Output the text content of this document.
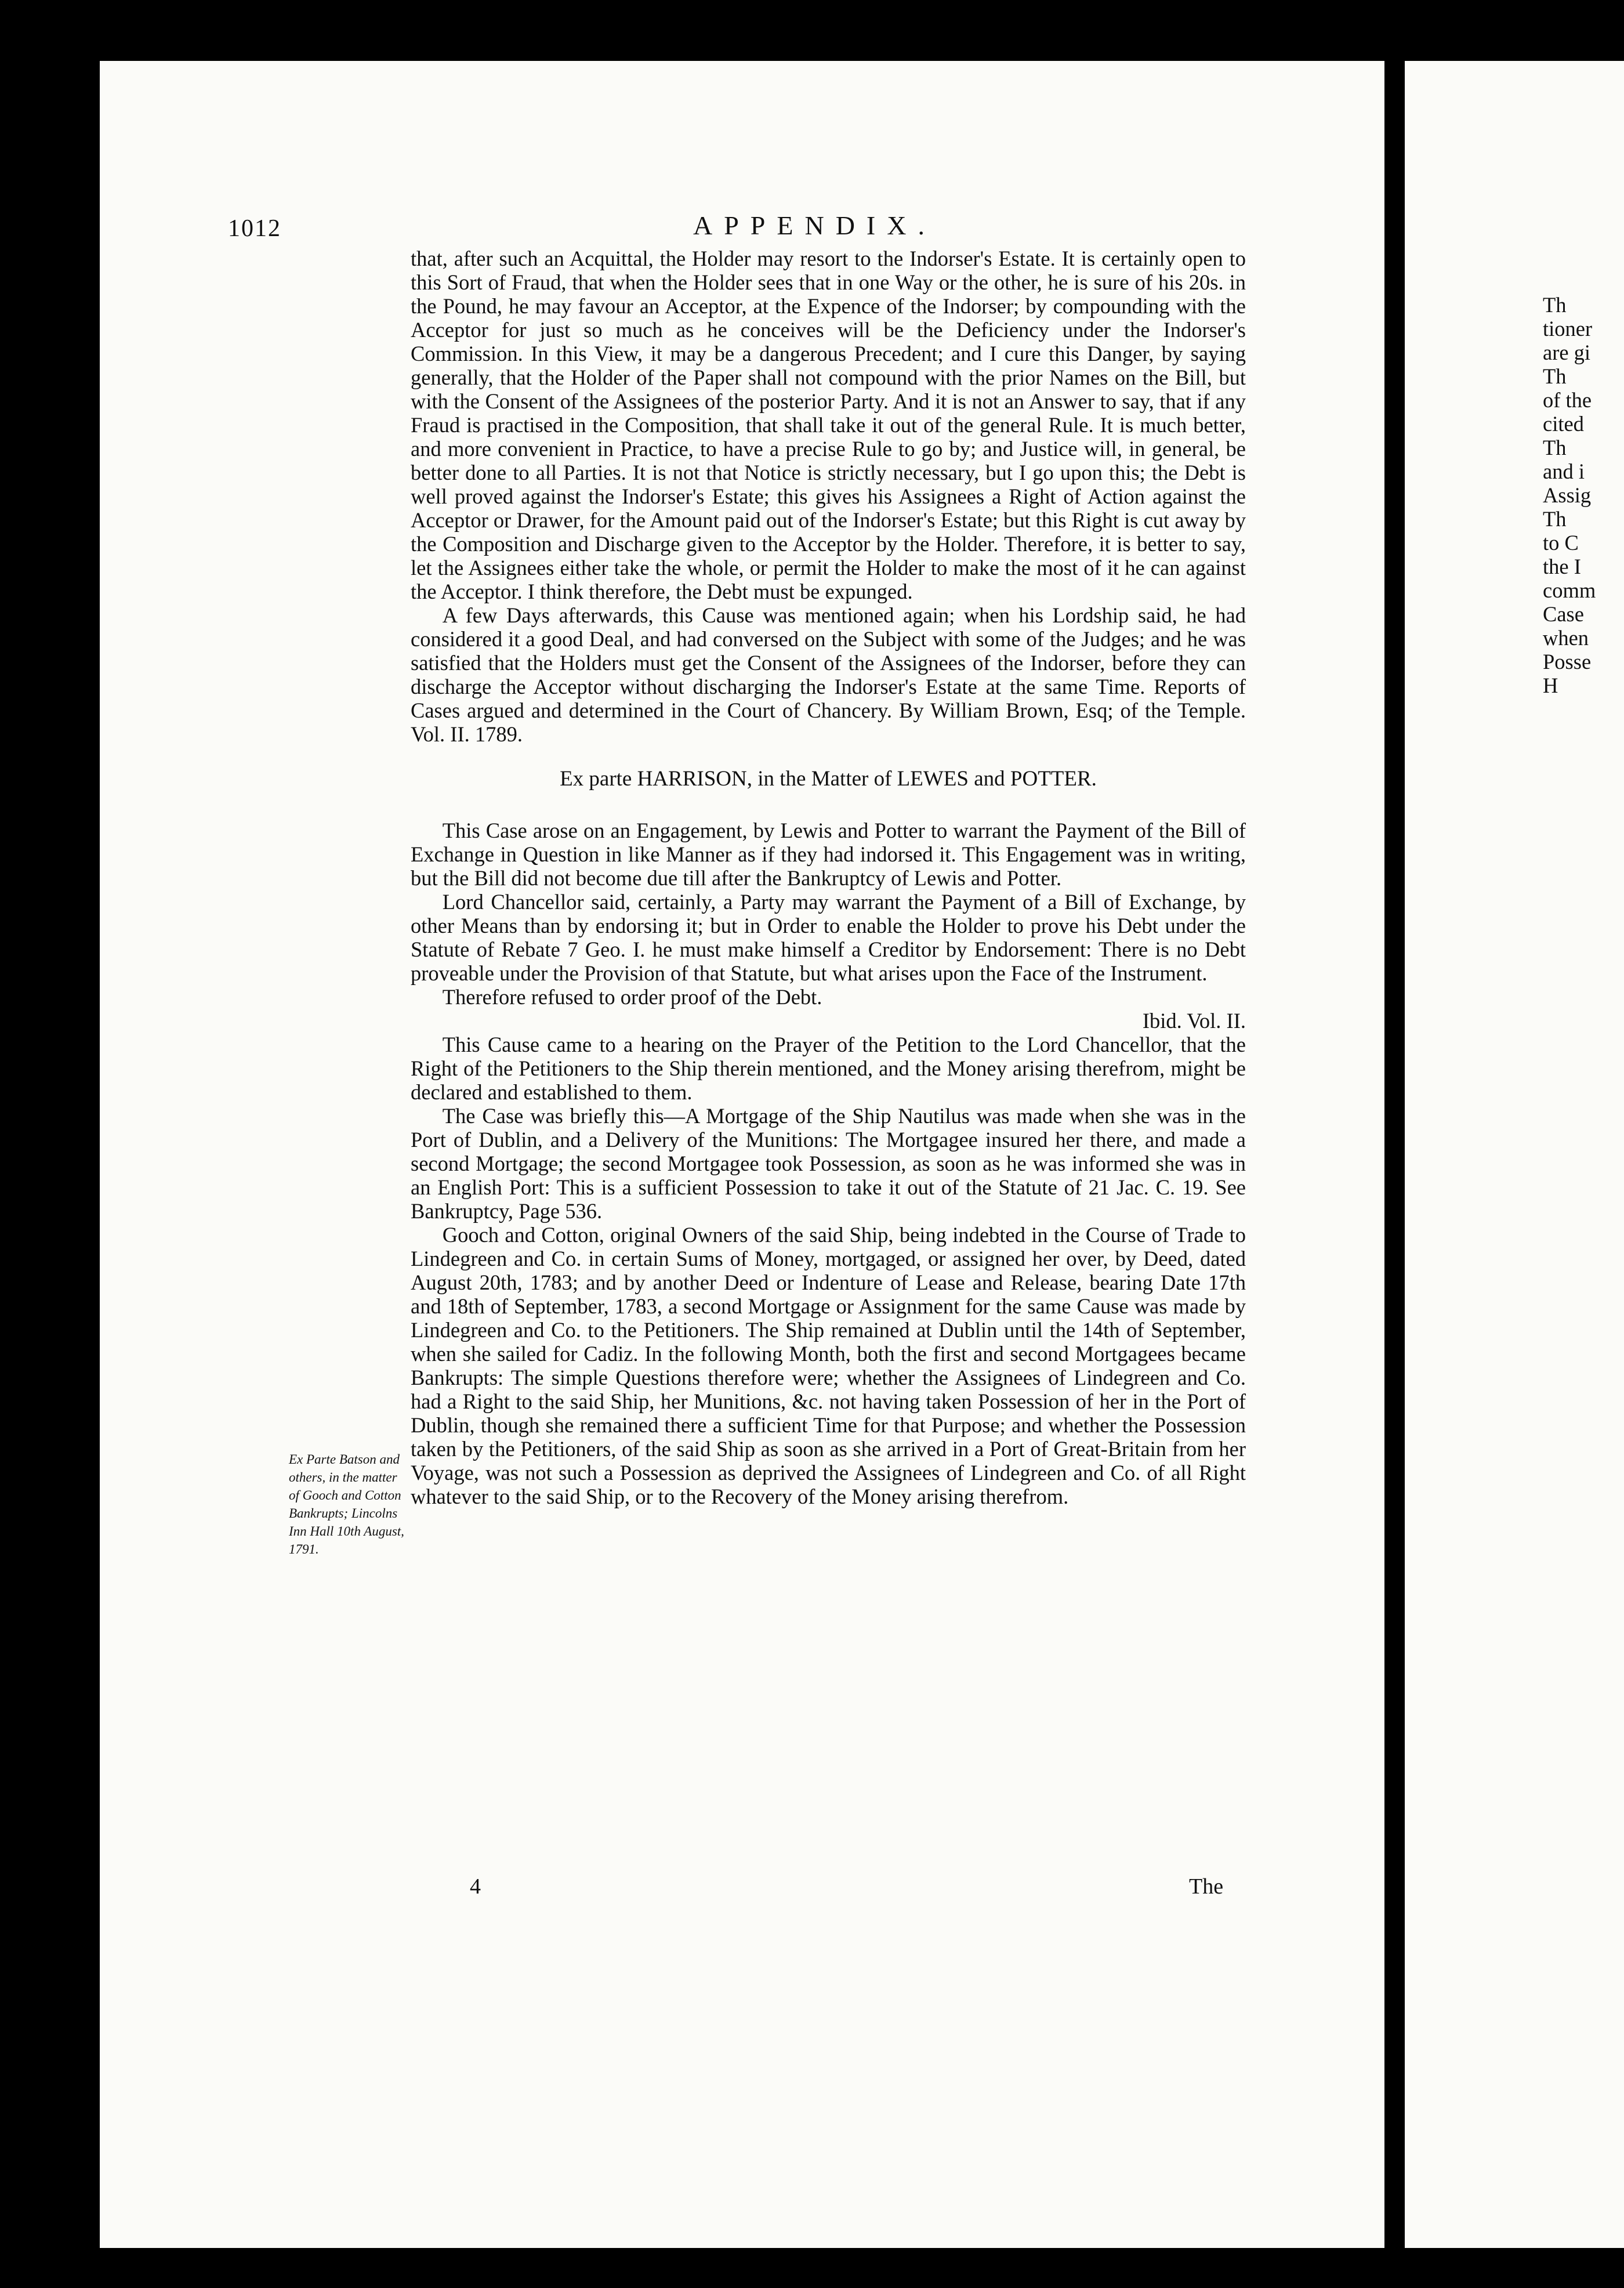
1012	APPENDIX.

that, after such an Acquittal, the Holder may resort to the Indorser's Estate. It is certainly open to this Sort of Fraud, that when the Holder sees that in one Way or the other, he is sure of his 20s. in the Pound, he may favour an Acceptor, at the Expence of the Indorser; by compounding with the Acceptor for just so much as he conceives will be the Deficiency under the Indorser's Commission. In this View, it may be a dangerous Precedent; and I cure this Danger, by saying generally, that the Holder of the Paper shall not compound with the prior Names on the Bill, but with the Consent of the Assignees of the posterior Party. And it is not an Answer to say, that if any Fraud is practised in the Composition, that shall take it out of the general Rule. It is much better, and more convenient in Practice, to have a precise Rule to go by; and Justice will, in general, be better done to all Parties. It is not that Notice is strictly necessary, but I go upon this; the Debt is well proved against the Indorser's Estate; this gives his Assignees a Right of Action against the Acceptor or Drawer, for the Amount paid out of the Indorser's Estate; but this Right is cut away by the Composition and Discharge given to the Acceptor by the Holder. Therefore, it is better to say, let the Assignees either take the whole, or permit the Holder to make the most of it he can against the Acceptor. I think therefore, the Debt must be expunged.

A few Days afterwards, this Cause was mentioned again; when his Lordship said, he had considered it a good Deal, and had conversed on the Subject with some of the Judges; and he was satisfied that the Holders must get the Consent of the Assignees of the Indorser, before they can discharge the Acceptor without discharging the Indorser's Estate at the same Time. Reports of Cases argued and determined in the Court of Chancery. By William Brown, Esq; of the Temple. Vol. II. 1789.

Ex parte HARRISON, in the Matter of LEWES and POTTER.

This Case arose on an Engagement, by Lewis and Potter to warrant the Payment of the Bill of Exchange in Question in like Manner as if they had indorsed it. This Engagement was in writing, but the Bill did not become due till after the Bankruptcy of Lewis and Potter.

Lord Chancellor said, certainly, a Party may warrant the Payment of a Bill of Exchange, by other Means than by endorsing it; but in Order to enable the Holder to prove his Debt under the Statute of Rebate 7 Geo. I. he must make himself a Creditor by Endorsement: There is no Debt proveable under the Provision of that Statute, but what arises upon the Face of the Instrument.

Therefore refused to order proof of the Debt.

Ibid. Vol. II.

This Cause came to a hearing on the Prayer of the Petition to the Lord Chancellor, that the Right of the Petitioners to the Ship therein mentioned, and the Money arising therefrom, might be declared and established to them.

The Case was briefly this—A Mortgage of the Ship Nautilus was made when she was in the Port of Dublin, and a Delivery of the Munitions: The Mortgagee insured her there, and made a second Mortgage; the second Mortgagee took Possession, as soon as he was informed she was in an English Port: This is a sufficient Possession to take it out of the Statute of 21 Jac. C. 19. See Bankruptcy, Page 536.

Gooch and Cotton, original Owners of the said Ship, being indebted in the Course of Trade to Lindegreen and Co. in certain Sums of Money, mortgaged, or assigned her over, by Deed, dated August 20th, 1783; and by another Deed or Indenture of Lease and Release, bearing Date 17th and 18th of September, 1783, a second Mortgage or Assignment for the same Cause was made by Lindegreen and Co. to the Petitioners. The Ship remained at Dublin until the 14th of September, when she sailed for Cadiz. In the following Month, both the first and second Mortgagees became Bankrupts: The simple Questions therefore were; whether the Assignees of Lindegreen and Co. had a Right to the said Ship, her Munitions, &c. not having taken Possession of her in the Port of Dublin, though she remained there a sufficient Time for that Purpose; and whether the Possession taken by the Petitioners, of the said Ship as soon as she arrived in a Port of Great-Britain from her Voyage, was not such a Possession as deprived the Assignees of Lindegreen and Co. of all Right whatever to the said Ship, or to the Recovery of the Money arising therefrom.

Ex Parte Batson and others, in the matter of Gooch and Cotton Bankrupts; Lincolns Inn Hall 10th August, 1791.
4	The
Th
tioner
are gi
Th
of the
cited
Th
and i
Assig
Th
to C
the I
comm
Case
when
Posse
H
